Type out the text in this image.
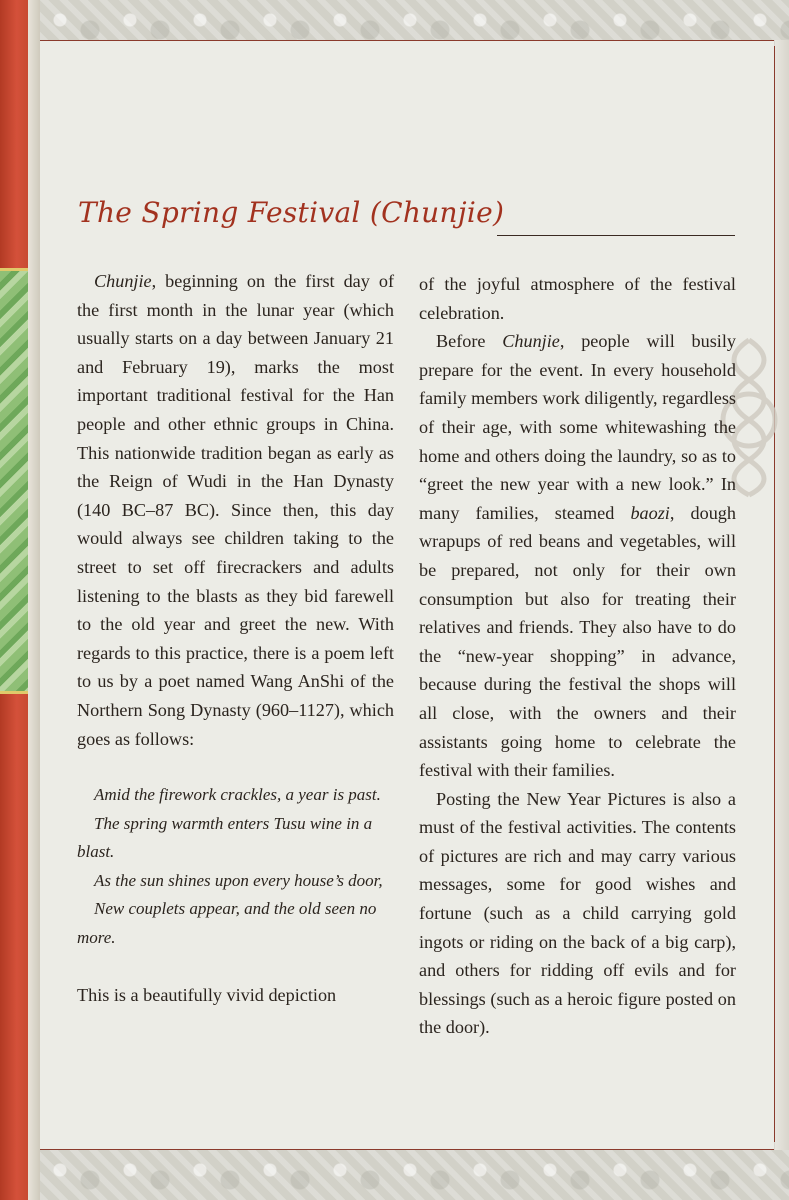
The Spring Festival (Chunjie)

Chunjie, beginning on the first day of the first month in the lunar year (which usually starts on a day between January 21 and February 19), marks the most important traditional festival for the Han people and other ethnic groups in China. This nationwide tradition began as early as the Reign of Wudi in the Han Dynasty (140 BC–87 BC). Since then, this day would always see children taking to the street to set off firecrackers and adults listening to the blasts as they bid farewell to the old year and greet the new. With regards to this practice, there is a poem left to us by a poet named Wang AnShi of the Northern Song Dynasty (960–1127), which goes as follows:

Amid the firework crackles, a year is past.
The spring warmth enters Tusu wine in a blast.
As the sun shines upon every house’s door,
New couplets appear, and the old seen no more.

This is a beautifully vivid depiction

of the joyful atmosphere of the festival celebration.

Before Chunjie, people will busily prepare for the event. In every household family members work diligently, regardless of their age, with some whitewashing the home and others doing the laundry, so as to “greet the new year with a new look.” In many families, steamed baozi, dough wrapups of red beans and vegetables, will be prepared, not only for their own consumption but also for treating their relatives and friends. They also have to do the “new-year shopping” in advance, because during the festival the shops will all close, with the owners and their assistants going home to celebrate the festival with their families.

Posting the New Year Pictures is also a must of the festival activities. The contents of pictures are rich and may carry various messages, some for good wishes and fortune (such as a child carrying gold ingots or riding on the back of a big carp), and others for ridding off evils and for blessings (such as a heroic figure posted on the door).
